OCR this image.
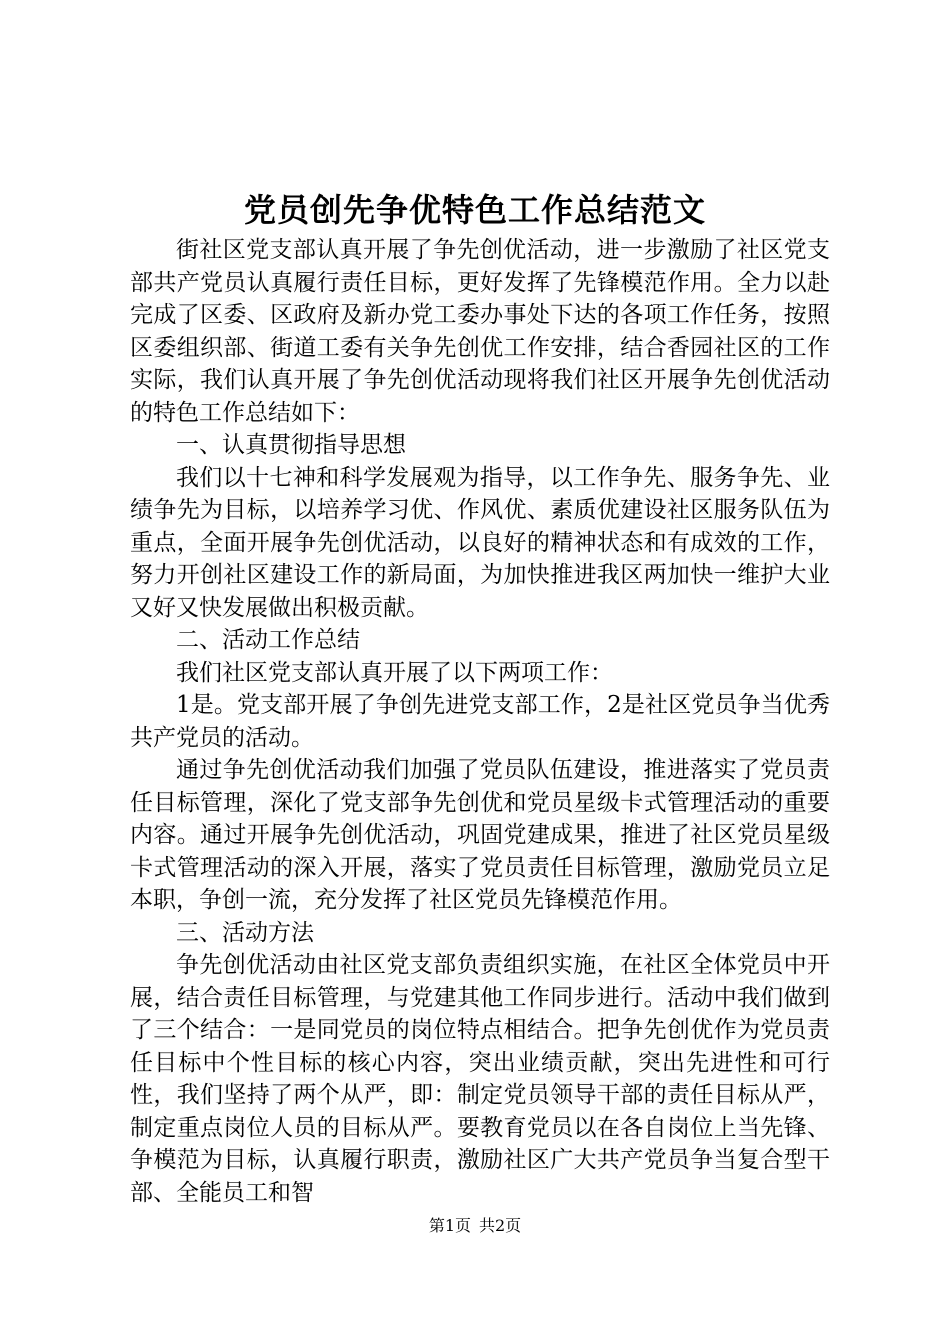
党员创先争优特色工作总结范文

街社区党支部认真开展了争先创优活动，进一步激励了社区党支部共产党员认真履行责任目标，更好发挥了先锋模范作用。全力以赴完成了区委、区政府及新办党工委办事处下达的各项工作任务，按照区委组织部、街道工委有关争先创优工作安排，结合香园社区的工作实际，我们认真开展了争先创优活动现将我们社区开展争先创优活动的特色工作总结如下：

一、认真贯彻指导思想

我们以十七神和科学发展观为指导，以工作争先、服务争先、业绩争先为目标，以培养学习优、作风优、素质优建设社区服务队伍为重点，全面开展争先创优活动，以良好的精神状态和有成效的工作，努力开创社区建设工作的新局面，为加快推进我区两加快一维护大业又好又快发展做出积极贡献。

二、活动工作总结

我们社区党支部认真开展了以下两项工作：

1是。党支部开展了争创先进党支部工作，2是社区党员争当优秀共产党员的活动。

通过争先创优活动我们加强了党员队伍建设，推进落实了党员责任目标管理，深化了党支部争先创优和党员星级卡式管理活动的重要内容。通过开展争先创优活动，巩固党建成果，推进了社区党员星级卡式管理活动的深入开展，落实了党员责任目标管理，激励党员立足本职，争创一流，充分发挥了社区党员先锋模范作用。

三、活动方法

争先创优活动由社区党支部负责组织实施，在社区全体党员中开展，结合责任目标管理，与党建其他工作同步进行。活动中我们做到了三个结合：一是同党员的岗位特点相结合。把争先创优作为党员责任目标中个性目标的核心内容，突出业绩贡献，突出先进性和可行性，我们坚持了两个从严，即：制定党员领导干部的责任目标从严，制定重点岗位人员的目标从严。要教育党员以在各自岗位上当先锋、争模范为目标，认真履行职责，激励社区广大共产党员争当复合型干部、全能员工和智

第1页 共2页
